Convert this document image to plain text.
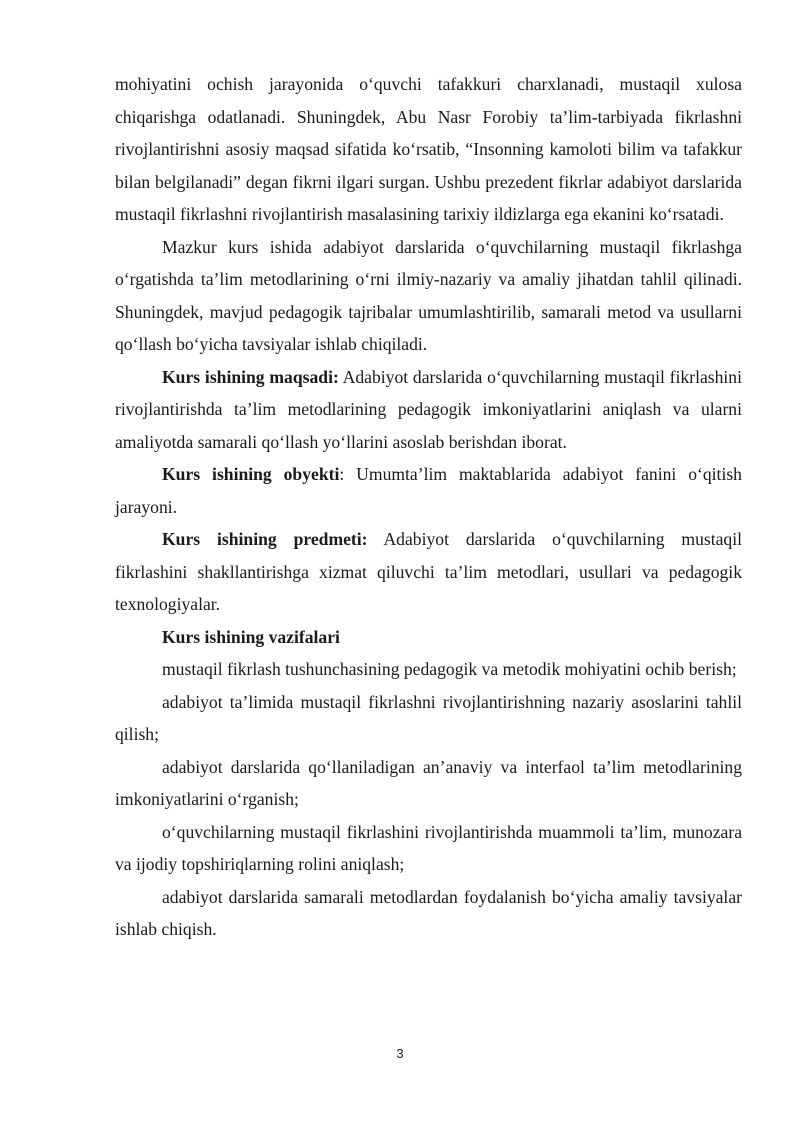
mohiyatini ochish jarayonida o‘quvchi tafakkuri charxlanadi, mustaqil xulosa chiqarishga odatlanadi. Shuningdek, Abu Nasr Forobiy ta’lim-tarbiyada fikrlashni rivojlantirishni asosiy maqsad sifatida ko‘rsatib, “Insonning kamoloti bilim va tafakkur bilan belgilanadi” degan fikrni ilgari surgan. Ushbu prezedent fikrlar adabiyot darslarida mustaqil fikrlashni rivojlantirish masalasining tarixiy ildizlarga ega ekanini ko‘rsatadi.

Mazkur kurs ishida adabiyot darslarida o‘quvchilarning mustaqil fikrlashga o‘rgatishda ta’lim metodlarining o‘rni ilmiy-nazariy va amaliy jihatdan tahlil qilinadi. Shuningdek, mavjud pedagogik tajribalar umumlashtirilib, samarali metod va usullarni qo‘llash bo‘yicha tavsiyalar ishlab chiqiladi.

Kurs ishining maqsadi: Adabiyot darslarida o‘quvchilarning mustaqil fikrlashini rivojlantirishda ta’lim metodlarining pedagogik imkoniyatlarini aniqlash va ularni amaliyotda samarali qo‘llash yo‘llarini asoslab berishdan iborat.

Kurs ishining obyekti: Umumta’lim maktablarida adabiyot fanini o‘qitish jarayoni.

Kurs ishining predmeti: Adabiyot darslarida o‘quvchilarning mustaqil fikrlashini shakllantirishga xizmat qiluvchi ta’lim metodlari, usullari va pedagogik texnologiyalar.

Kurs ishining vazifalari

mustaqil fikrlash tushunchasining pedagogik va metodik mohiyatini ochib berish;

adabiyot ta’limida mustaqil fikrlashni rivojlantirishning nazariy asoslarini tahlil qilish;

adabiyot darslarida qo‘llaniladigan an’anaviy va interfaol ta’lim metodlarining imkoniyatlarini o‘rganish;

o‘quvchilarning mustaqil fikrlashini rivojlantirishda muammoli ta’lim, munozara va ijodiy topshiriqlarning rolini aniqlash;

adabiyot darslarida samarali metodlardan foydalanish bo‘yicha amaliy tavsiyalar ishlab chiqish.

3
